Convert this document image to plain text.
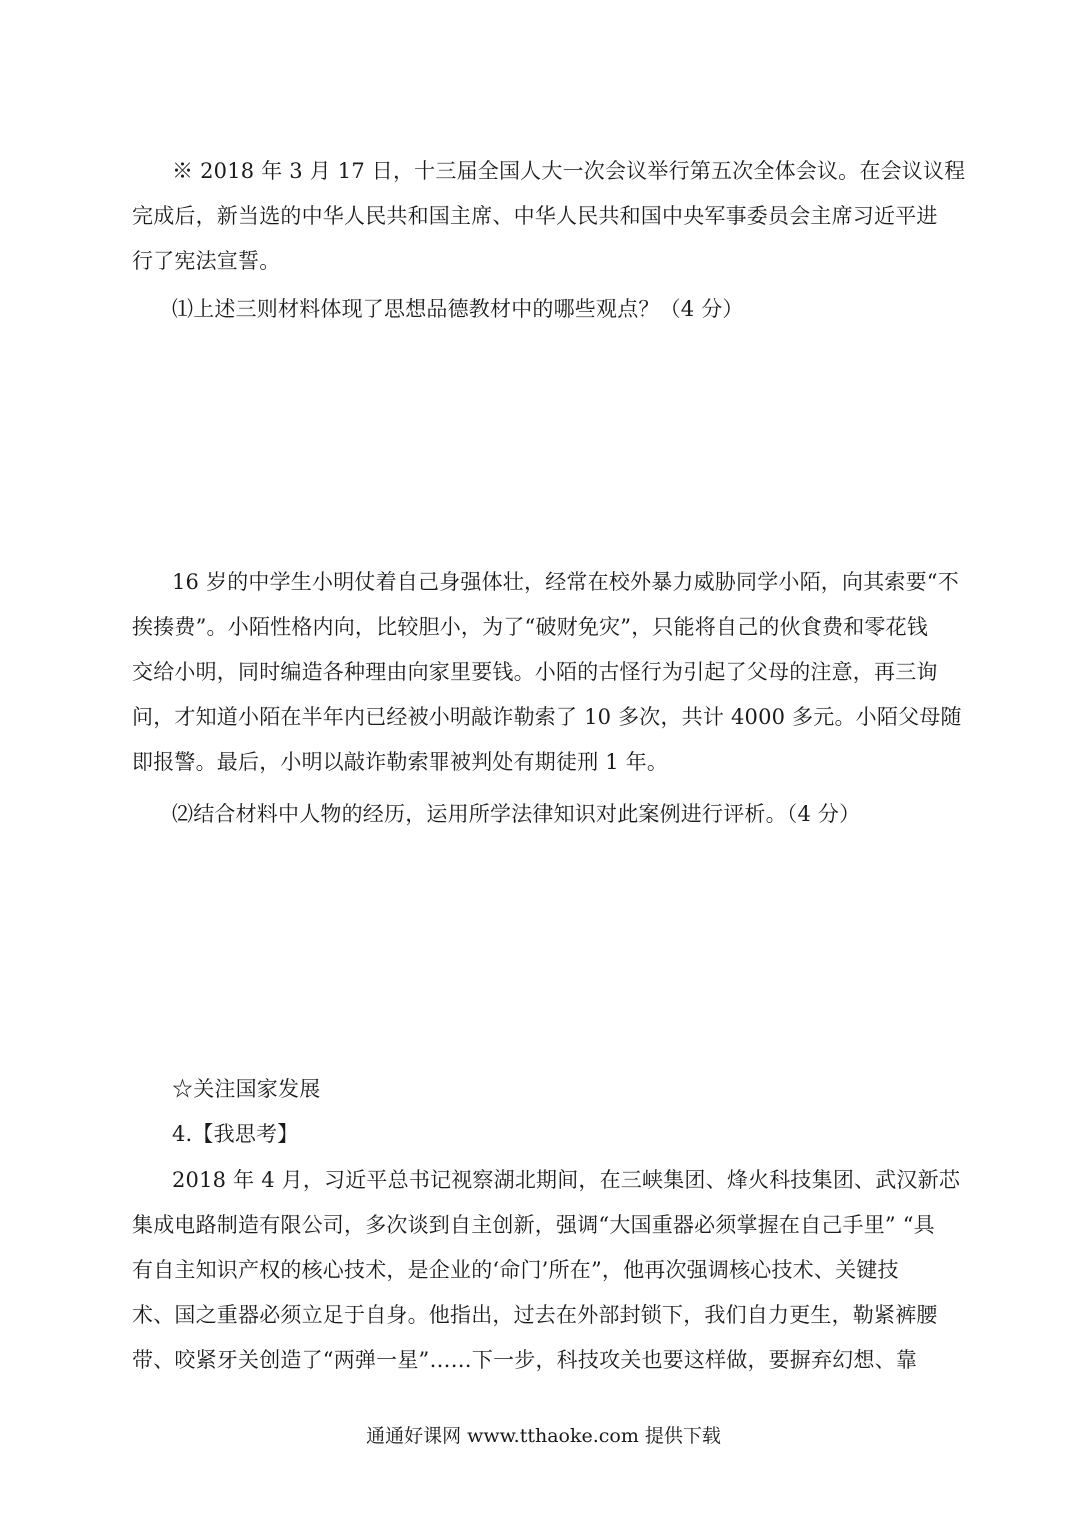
※ 2018 年 3 月 17 日，十三届全国人大一次会议举行第五次全体会议。在会议议程
完成后，新当选的中华人民共和国主席、中华人民共和国中央军事委员会主席习近平进
行了宪法宣誓。
⑴上述三则材料体现了思想品德教材中的哪些观点？（4 分）
16 岁的中学生小明仗着自己身强体壮，经常在校外暴力威胁同学小陌，向其索要“不
挨揍费”。小陌性格内向，比较胆小，为了“破财免灾”，只能将自己的伙食费和零花钱
交给小明，同时编造各种理由向家里要钱。小陌的古怪行为引起了父母的注意，再三询
问，才知道小陌在半年内已经被小明敲诈勒索了 10 多次，共计 4000 多元。小陌父母随
即报警。最后，小明以敲诈勒索罪被判处有期徒刑 1 年。
⑵结合材料中人物的经历，运用所学法律知识对此案例进行评析。（4 分）
☆关注国家发展
4.【我思考】
2018 年 4 月，习近平总书记视察湖北期间，在三峡集团、烽火科技集团、武汉新芯
集成电路制造有限公司，多次谈到自主创新，强调“大国重器必须掌握在自己手里” “具
有自主知识产权的核心技术，是企业的‘命门’所在”，他再次强调核心技术、关键技
术、国之重器必须立足于自身。他指出，过去在外部封锁下，我们自力更生，勒紧裤腰
带、咬紧牙关创造了“两弹一星”……下一步，科技攻关也要这样做，要摒弃幻想、靠
通通好课网 www.tthaoke.com 提供下载
